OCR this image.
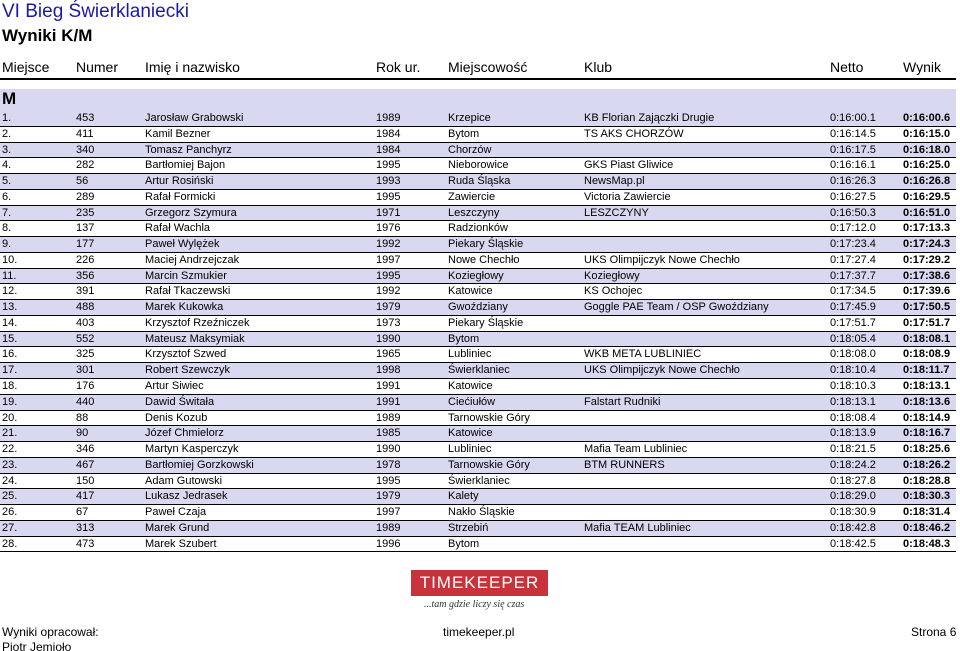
VI Bieg Świerklaniecki
Wyniki K/M
Miejsce Numer Imię i nazwisko	Rok ur. Miejscowość	Klub	Netto	Wynik
M
1.	453	Jarosław Grabowski	1989	Krzepice	KB Florian Zajączki Drugie	0:16:00.1 0:16:00.6
2.	411	Kamil Bezner	1984	Bytom	TS AKS CHORZÓW	0:16:14.5 0:16:15.0
3.	340	Tomasz Panchyrz	1984	Chorzów	0:16:17.5 0:16:18.0
4.	282	Bartłomiej Bajon	1995	Nieborowice	GKS Piast Gliwice	0:16:16.1 0:16:25.0
5.	56	Artur Rosiński	1993	Ruda Śląska	NewsMap.pl	0:16:26.3 0:16:26.8
6.	289	Rafał Formicki	1995	Zawiercie	Victoria Zawiercie	0:16:27.5 0:16:29.5
7.	235	Grzegorz Szymura	1971	Leszczyny	LESZCZYNY	0:16:50.3 0:16:51.0
8.	137	Rafał Wachla	1976	Radzionków	0:17:12.0 0:17:13.3
9.	177	Paweł Wylężek	1992	Piekary Śląskie	0:17:23.4 0:17:24.3
10.	226	Maciej Andrzejczak	1997	Nowe Chechło	UKS Olimpijczyk Nowe Chechło	0:17:27.4 0:17:29.2
11.	356	Marcin Szmukier	1995	Koziegłowy	Koziegłowy	0:17:37.7 0:17:38.6
12.	391	Rafał Tkaczewski	1992	Katowice	KS Ochojec	0:17:34.5 0:17:39.6
13.	488	Marek Kukowka	1979	Gwoździany	Goggle PAE Team / OSP Gwoździany	0:17:45.9 0:17:50.5
14.	403	Krzysztof Rzeźniczek	1973	Piekary Śląskie	0:17:51.7 0:17:51.7
15.	552	Mateusz Maksymiak	1990	Bytom	0:18:05.4 0:18:08.1
16.	325	Krzysztof Szwed	1965	Lubliniec	WKB META LUBLINIEC	0:18:08.0 0:18:08.9
17.	301	Robert Szewczyk	1998	Świerklaniec	UKS Olimpijczyk Nowe Chechło	0:18:10.4 0:18:11.7
18.	176	Artur Siwiec	1991	Katowice	0:18:10.3 0:18:13.1
19.	440	Dawid Świtała	1991	Ciećiułów	Falstart Rudniki	0:18:13.1 0:18:13.6
20.	88	Denis Kozub	1989	Tarnowskie Góry	0:18:08.4 0:18:14.9
21.	90	Józef Chmielorz	1985	Katowice	0:18:13.9 0:18:16.7
22.	346	Martyn Kasperczyk	1990	Lubliniec	Mafia Team Lubliniec	0:18:21.5 0:18:25.6
23.	467	Bartłomiej Gorzkowski	1978	Tarnowskie Góry	BTM RUNNERS	0:18:24.2 0:18:26.2
24.	150	Adam Gutowski	1995	Świerklaniec	0:18:27.8 0:18:28.8
25.	417	Lukasz Jedrasek	1979	Kalety	0:18:29.0 0:18:30.3
26.	67	Paweł Czaja	1997	Nakło Śląskie	0:18:30.9 0:18:31.4
27.	313	Marek Grund	1989	Strzebiń	Mafia TEAM Lubliniec	0:18:42.8 0:18:46.2
28.	473	Marek Szubert	1996	Bytom	0:18:42.5 0:18:48.3
TIMEKEEPER
...tam gdzie liczy się czas
Wyniki opracował:
Piotr Jemioło
timekeeper.pl	Strona 6
